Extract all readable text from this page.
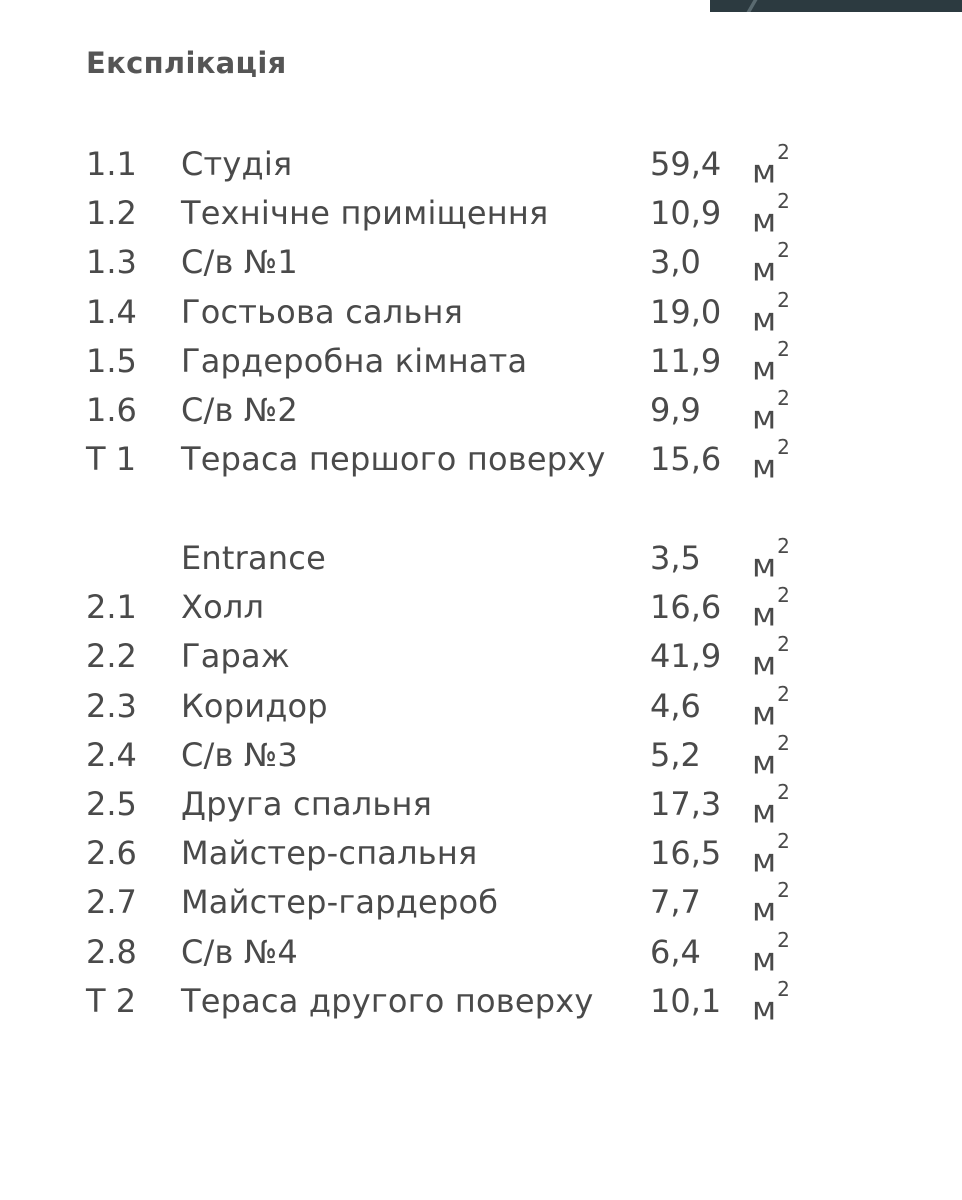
Експлікація
1.1 Студія	59,4 $м^2$
1.2 Технічне приміщення	10,9 $м^2$
1.3 С/в №1	3,0 $м^2$
1.4 Гостьова сальня	19,0 $м^2$
1.5 Гардеробна кімната	11,9 $м^2$
1.6 С/в №2	9,9 $м^2$
Т 1 Тераса першого поверху 15,6 $м^2$
Entrance	3,5 $м^2$
2.1 Холл	16,6 $м^2$
2.2 Гараж	41,9 $м^2$
2.3 Коридор	4,6 $м^2$
2.4 С/в №3	5,2 $м^2$
2.5 Друга спальня	17,3 $м^2$
2.6 Майстер-спальня	16,5 $м^2$
2.7 Майстер-гардероб	7,7 $м^2$
2.8 С/в №4	6,4 $м^2$
Т 2 Тераса другого поверху 10,1 $м^2$
